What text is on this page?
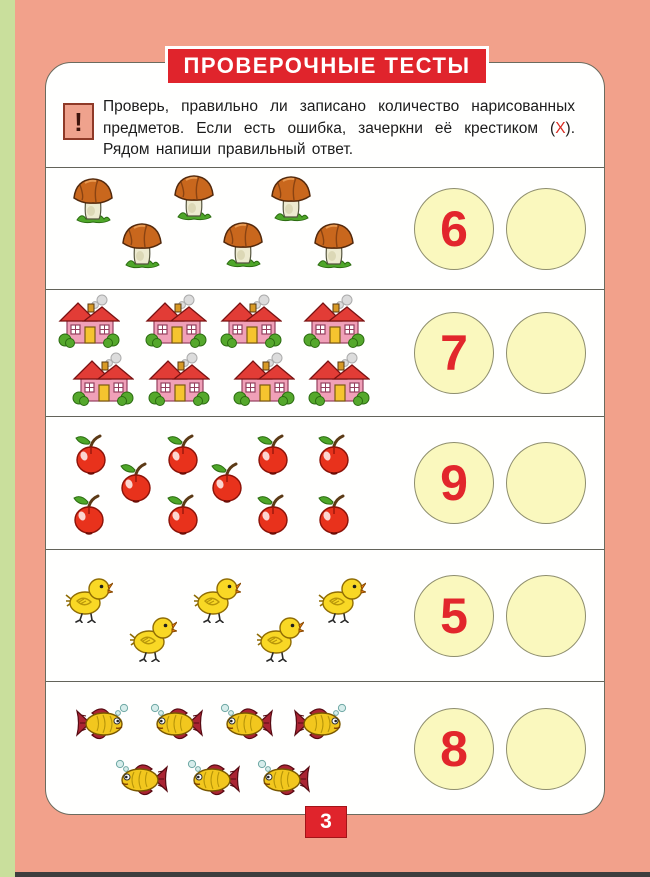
! Проверь, правильно ли записано количество нарисованных предметов. Если есть ошибка, зачеркни её крестиком (X). Рядом напиши правильный ответ.

6
7
9
5
8
ПРОВЕРОЧНЫЕ ТЕСТЫ
3
